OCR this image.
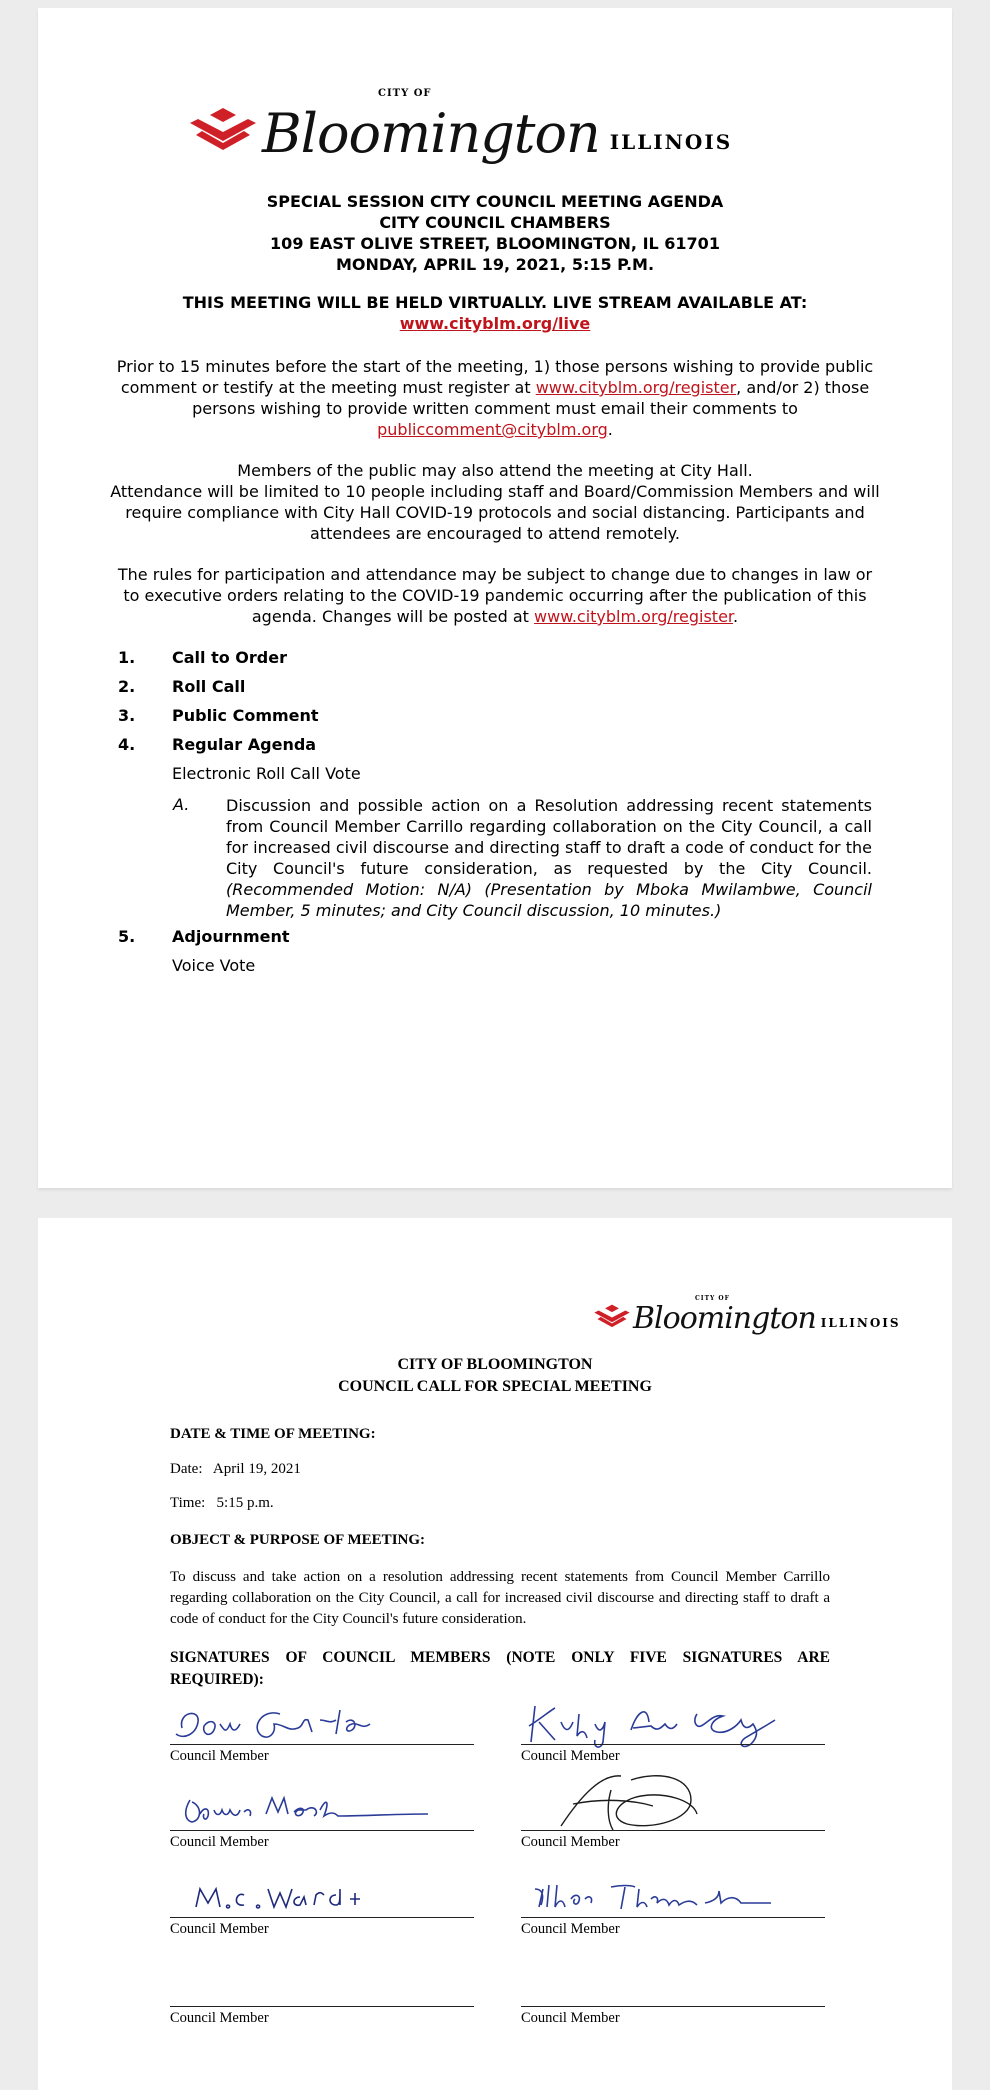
CITY OF
Bloomington ILLINOIS
SPECIAL SESSION CITY COUNCIL MEETING AGENDA
CITY COUNCIL CHAMBERS
109 EAST OLIVE STREET, BLOOMINGTON, IL 61701
MONDAY, APRIL 19, 2021, 5:15 P.M.
THIS MEETING WILL BE HELD VIRTUALLY. LIVE STREAM AVAILABLE AT:
www.cityblm.org/live
Prior to 15 minutes before the start of the meeting, 1) those persons wishing to provide public comment or testify at the meeting must register at www.cityblm.org/register, and/or 2) those persons wishing to provide written comment must email their comments to publiccomment@cityblm.org.
Members of the public may also attend the meeting at City Hall.
Attendance will be limited to 10 people including staff and Board/Commission Members and will require compliance with City Hall COVID-19 protocols and social distancing. Participants and attendees are encouraged to attend remotely.
The rules for participation and attendance may be subject to change due to changes in law or to executive orders relating to the COVID-19 pandemic occurring after the publication of this agenda. Changes will be posted at www.cityblm.org/register.
1. Call to Order
2. Roll Call
3. Public Comment
4. Regular Agenda
Electronic Roll Call Vote
A. Discussion and possible action on a Resolution addressing recent statements from Council Member Carrillo regarding collaboration on the City Council, a call for increased civil discourse and directing staff to draft a code of conduct for the City Council's future consideration, as requested by the City Council. (Recommended Motion: N/A) (Presentation by Mboka Mwilambwe, Council Member, 5 minutes; and City Council discussion, 10 minutes.)
5. Adjournment
Voice Vote
CITY OF
Bloomington ILLINOIS
CITY OF BLOOMINGTON
COUNCIL CALL FOR SPECIAL MEETING
DATE & TIME OF MEETING:
Date:   April 19, 2021
Time:   5:15 p.m.
OBJECT & PURPOSE OF MEETING:
To discuss and take action on a resolution addressing recent statements from Council Member Carrillo regarding collaboration on the City Council, a call for increased civil discourse and directing staff to draft a code of conduct for the City Council's future consideration.
SIGNATURES OF COUNCIL MEMBERS (NOTE ONLY FIVE SIGNATURES ARE REQUIRED):
Council Member	Council Member
Council Member	Council Member
Council Member	Council Member
Council Member	Council Member
